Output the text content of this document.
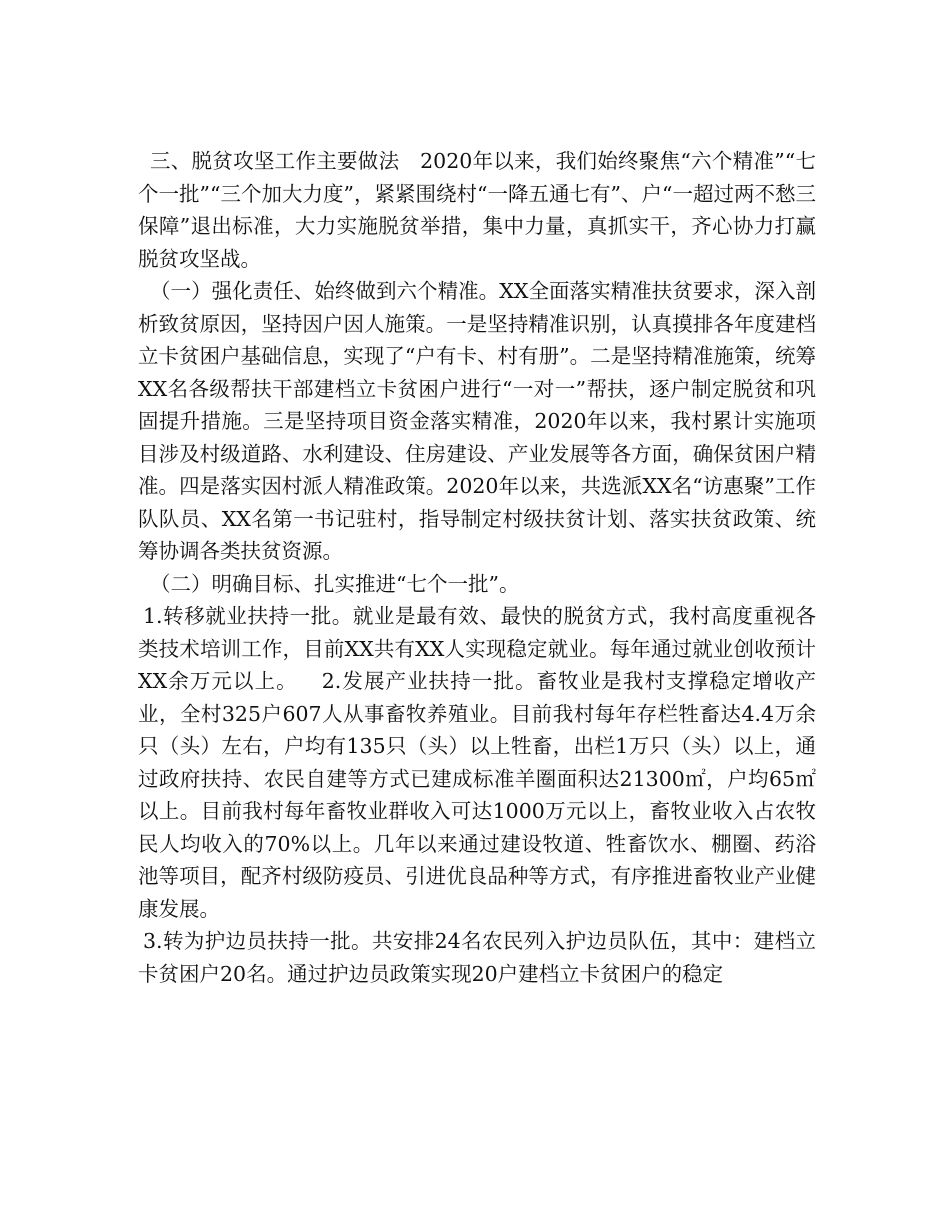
三、脱贫攻坚工作主要做法　2020年以来，我们始终聚焦“六个精准”“七个一批”“三个加大力度”，紧紧围绕村“一降五通七有”、户“一超过两不愁三保障”退出标准，大力实施脱贫举措，集中力量，真抓实干，齐心协力打赢脱贫攻坚战。

（一）强化责任、始终做到六个精准。XX全面落实精准扶贫要求，深入剖析致贫原因，坚持因户因人施策。一是坚持精准识别，认真摸排各年度建档立卡贫困户基础信息，实现了“户有卡、村有册”。二是坚持精准施策，统筹XX名各级帮扶干部建档立卡贫困户进行“一对一”帮扶，逐户制定脱贫和巩固提升措施。三是坚持项目资金落实精准，2020年以来，我村累计实施项目涉及村级道路、水利建设、住房建设、产业发展等各方面，确保贫困户精准。四是落实因村派人精准政策。2020年以来，共选派XX名“访惠聚”工作队队员、XX名第一书记驻村，指导制定村级扶贫计划、落实扶贫政策、统筹协调各类扶贫资源。

（二）明确目标、扎实推进“七个一批”。

1.转移就业扶持一批。就业是最有效、最快的脱贫方式，我村高度重视各类技术培训工作，目前XX共有XX人实现稳定就业。每年通过就业创收预计XX余万元以上。 2.发展产业扶持一批。畜牧业是我村支撑稳定增收产业，全村325户607人从事畜牧养殖业。目前我村每年存栏牲畜达4.4万余只（头）左右，户均有135只（头）以上牲畜，出栏1万只（头）以上，通过政府扶持、农民自建等方式已建成标准羊圈面积达21300㎡，户均65㎡以上。目前我村每年畜牧业群收入可达1000万元以上，畜牧业收入占农牧民人均收入的70%以上。几年以来通过建设牧道、牲畜饮水、棚圈、药浴池等项目，配齐村级防疫员、引进优良品种等方式，有序推进畜牧业产业健康发展。

3.转为护边员扶持一批。共安排24名农民列入护边员队伍，其中：建档立卡贫困户20名。通过护边员政策实现20户建档立卡贫困户的稳定
